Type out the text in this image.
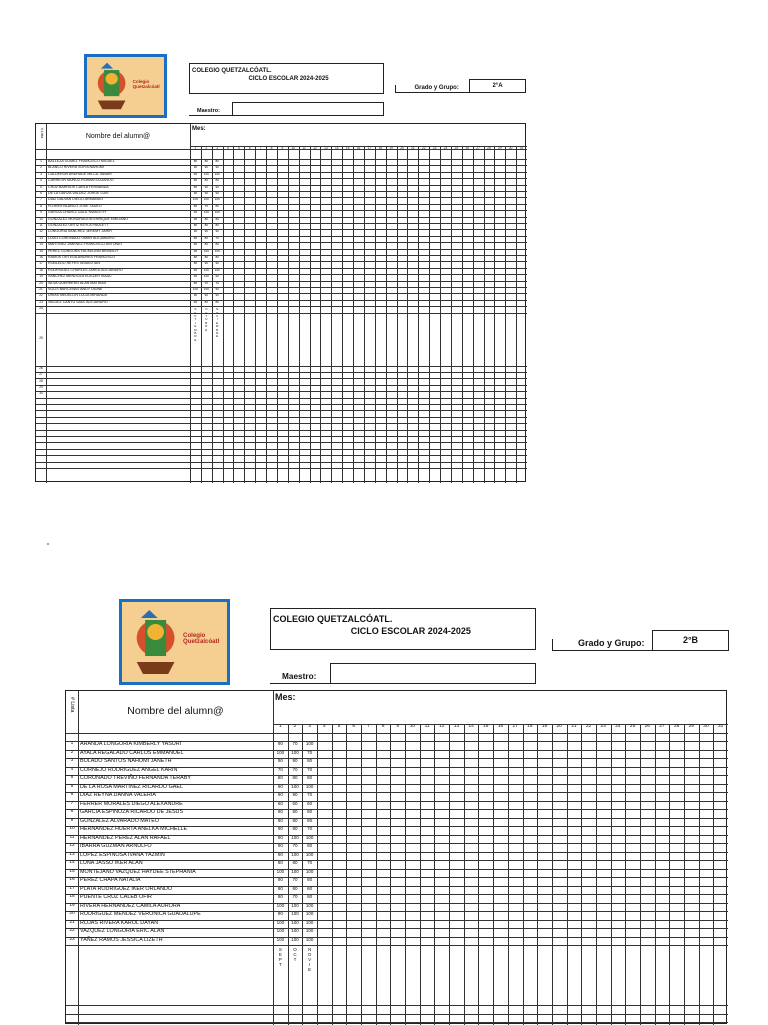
Colegio Quetzalcóatl
COLEGIO QUETZALCÓATL.
CICLO ESCOLAR 2024-2025
Grado y Grupo:	2°A
Maestro:
# Lista	Nombre del alumn@
Mes:
1	2	3	4	5	6	7	8	9	10	11	12	13	14	15	16	17	18	19	20	21	22	23	24	25	26	27	28	29	30	31
1	BALLEZA GOMEZ FRANCISCO MIGUEL	80	80	80
2	BLANCO RIVERA SOFIA NAHOMI	90	90	90
3	CALDERON ANDRADE MILCA TABAIR	90	100	100
4	CARREON MUÑOZ ROMAN EDUARDO	80	80	80
5	CRUZ BARRIOS CARLA FERNANDA	80	90	90
6	DE LA GARZA VALDEZ JORGE LUIS	90	90	90
7	DIAZ GALVAN DIEGO ARMANDO	100	100	100
8	FLORES BLANCO JOSE TADEO	80	70	80
9	GARCIA CHAVEZ DALA YAMILETH	90	100	100
10	GONZALEZ MONDRAGON ENRIQUE EMILIANO	90	80	80
11	GONZALEZ ORTIZ KEYLA PAULETT	80	80	80
12	LONGORIA SANCHEZ JEREMY JAHIR	90	90	90
13	LUGO CORONADO OMAR ALEJANDRO	80	80	70
14	MARTINEZ JIMENEZ FRANCISCO ANTONIO	80	80	80
15	PEREZ GONGORA YACKELINN BRISEIDY	90	100	100
16	RAMOS ORTEGA ANDRES FRANCISCO	80	80	80
17	ROBLEDO REYES SEBASTIAN	80	90	90
18	RODRIGUEZ CHARLES JARED ALEJANDRO	90	100	100
19	SANCHEZ MENDOZA ELIEZER ISAAC	90	100	90
20	SILVA GUERRERO ALAN MATHIAS	80	70	70
21	SOLIS BARCENAS ANDY DIONE	100	100	90
22	URIAS MEDELLIN LUCIA MIRANDA	90	90	90
23	VALDEZ CANTU SAUL ALEJANDRO	90	80	80
24
25
26
27
28
29
30
S E P T I E M B R E
O C T U B R E
N O V I E M B R E
Colegio Quetzalcóatl
COLEGIO QUETZALCÓATL.
CICLO ESCOLAR 2024-2025
Grado y Grupo:	2°B
Maestro:
# Lista	Nombre del alumn@
Mes:
1	2	3	4	5	6	7	8	9	10	11	12	13	14	15	16	17	18	19	20	21	22	23	24	25	26	27	28	29	30	31
1	ARANDA LONGORIA KIMBERLY YASURI	90	70	100
2	AYALA REGALADO CARLOS EMMANUEL	100	100	70
3	BOLADO SANTOS NAHOMI JANETH	90	90	80
4	CORNEJO RODRIGUEZ ANGEL KARIN	70	70	70
5	CORONADO TREVIÑO FERNANDA TERABY	80	80	80
5	DE LA ROSA MARTINEZ RICARDO GAEL	90	100	100
6	DIAZ REYNA DANNA VALERIA	90	90	70
7	FERRER MORALES DIEGO ALEXANDRE	60	60	60
8	GARCIA ESPINOZA RICARDO DE JESUS	90	80	80
9	GONZALEZ ALVARADO MATEO	80	80	80
10 HERNANDEZ HUERTA ANELKA MICHELLE	90	80	70
11	HERNANDEZ PEREZ ALAN RAFAEL	90	100	100
12 IBARRA GUZMAN ARNULFO	90	70	80
13 LOPEZ ESPINOSA IVANA YAZMIN	90	100	100
14 LUNA JASSO IKER ALAN	80	80	70
15 MONTEJANO VAZQUEZ HAYDEE STEPHANIA	100	100	100
16 PEREZ CHAPA NATALIA	90	70	80
17 PLATA RODRIGUEZ IKER ORLANDO	80	80	60
18 PUENTE CRUZ CALEB OFIR	80	70	80
19 RIVERA HERNANDEZ CAMILA AURORA	100	100	100
20 RODRIGUEZ MENDEZ VERONICA GUADALUPE	90	100	100
21 ROJAS RIVERA KAROL DAYAN	100	100	100
22 VAZQUEZ LONGORIA ERIC ALAN	100	100	100
23 YAÑEZ RAMOS JESSICA LIZETH	100	100	100
S E P T
O C T
N O V I E
